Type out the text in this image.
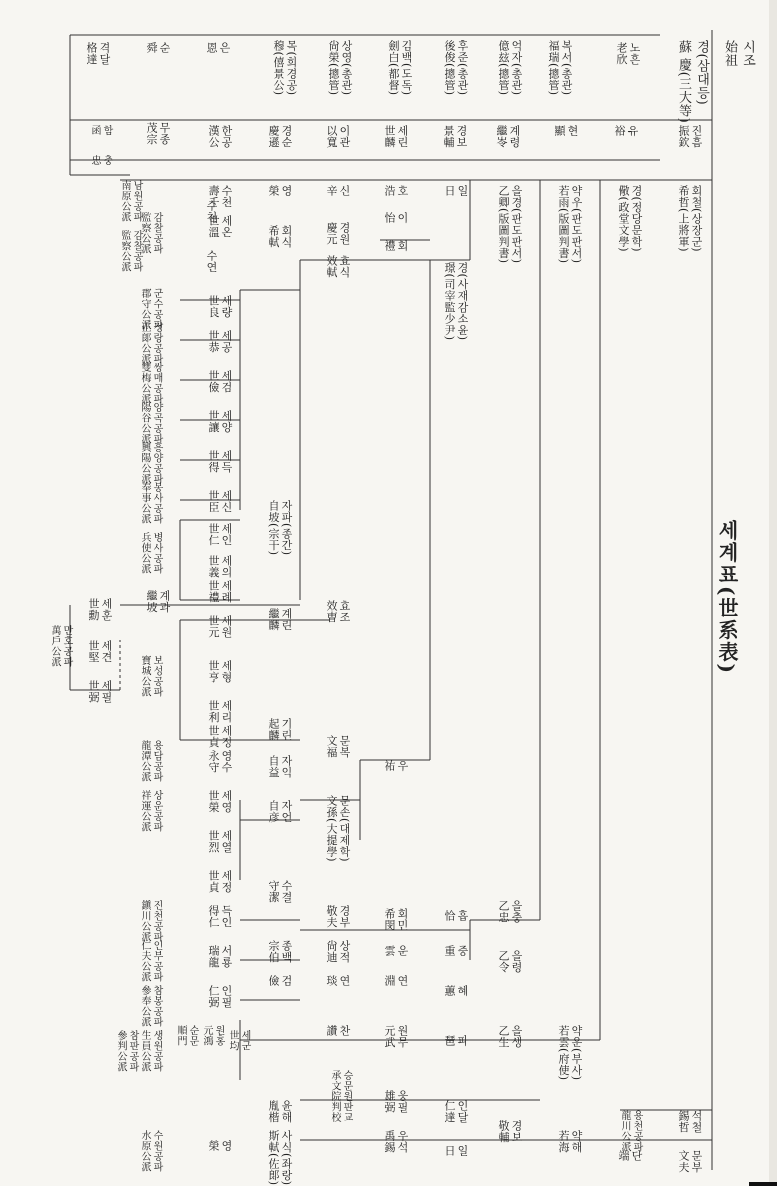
세계표(世系表)
시조
始祖
경(삼대등)
蘇 慶(三大等)
노흔
老欣
복서(총관)
福瑞(摠管)
억자(총관)
億玆(摠管)
후준(총관)
後俊(摠管)
김백(도독)
劍白(都督)
상영(총관)
尙榮(摠管)
목(희경공)
穆(僖景公)
은
恩
순
舜
격달
格達
진흠
振欽
유
裕
현
顯
계령
繼岺
경보
景輔
세린
世麟
이관
以寬
경순
慶遜
한공
漢公
무종
茂宗
함
函
충
忠
회철(상장군)
希哲(上將軍)
경(정당문학)
儆(政堂文學)
약우(판도판서)
若雨(版圖判書)
을경(판도판서)
乙卿(版圖判書)
일
日
경(사재감소윤)
璟(司宰監少尹)
회
禮
이
怡
호
浩
신
辛
경원
慶元
효식
效軾
영
榮
수천
壽千
세온
世溫
감찰공파
監察公派
세량
世良
군수공파
郡守公派
세공
世恭
정랑공파
正郞公派
세검
世儉
쌍매공파
雙梅公派
세양
世讓
양곡공파
陽谷公派
세득
世得
흥양공파
興陽公派
세신
世臣
봉사공파
奉事公派
세인
世仁
세의
世義
병사공파
兵使公派
세례
世禮
수천
남원공파
南原公派
수연
감찰공파
監察公派	회식
希軾
자파(종간)
自坡(宗干)
계과
繼坡
세훈
世勳
세견
世堅
세필
世弼
만호공파
萬戶公派
효조
效曺
계린
繼麟
세원
世元
세형
世亨
세리
世利
보성공파
寶城公派
기린
起麟
세정
世貞
우
祐
문복
文福
자익
自益
영수
永守
용담공파
龍潭公派
세영
世榮
세열
世烈
세정
世貞
자언
自彦	문손(대제학)
文孫(大提學)
상운공파
祥運公派
을충
乙忠
을령
乙令
흡
恰
중
重
회민
希閔
경부
敬夫
수결
守潔
득인
得仁
진천공파
鎭川公派
혜
蕙
운
雲
연
淵
상적
尙迪
서룡
瑞龍
인부공파
仁夫公派	연
琰
종백
宗伯
검
儉
인필
仁弼
참봉공파
參奉公派
을생
乙生
파
琶
원무
元武
찬
讚
세군
世均
원홍
元鴻
순문
順門
생원공파
生員公派
참판공파
參判公派	약운(부사)
若雲(府使)
윤해
胤楷
사식(좌랑)
斯軾(佐郞)	우석
禹錫
승문원판교
承文院判校
일
日
영
榮
수원공파
水原公派	약해
若海
경보
敬輔
인달
仁達
웅필
雄弼
석철
錫哲
문부
文夫
용천공파
龍川公派
단
端
